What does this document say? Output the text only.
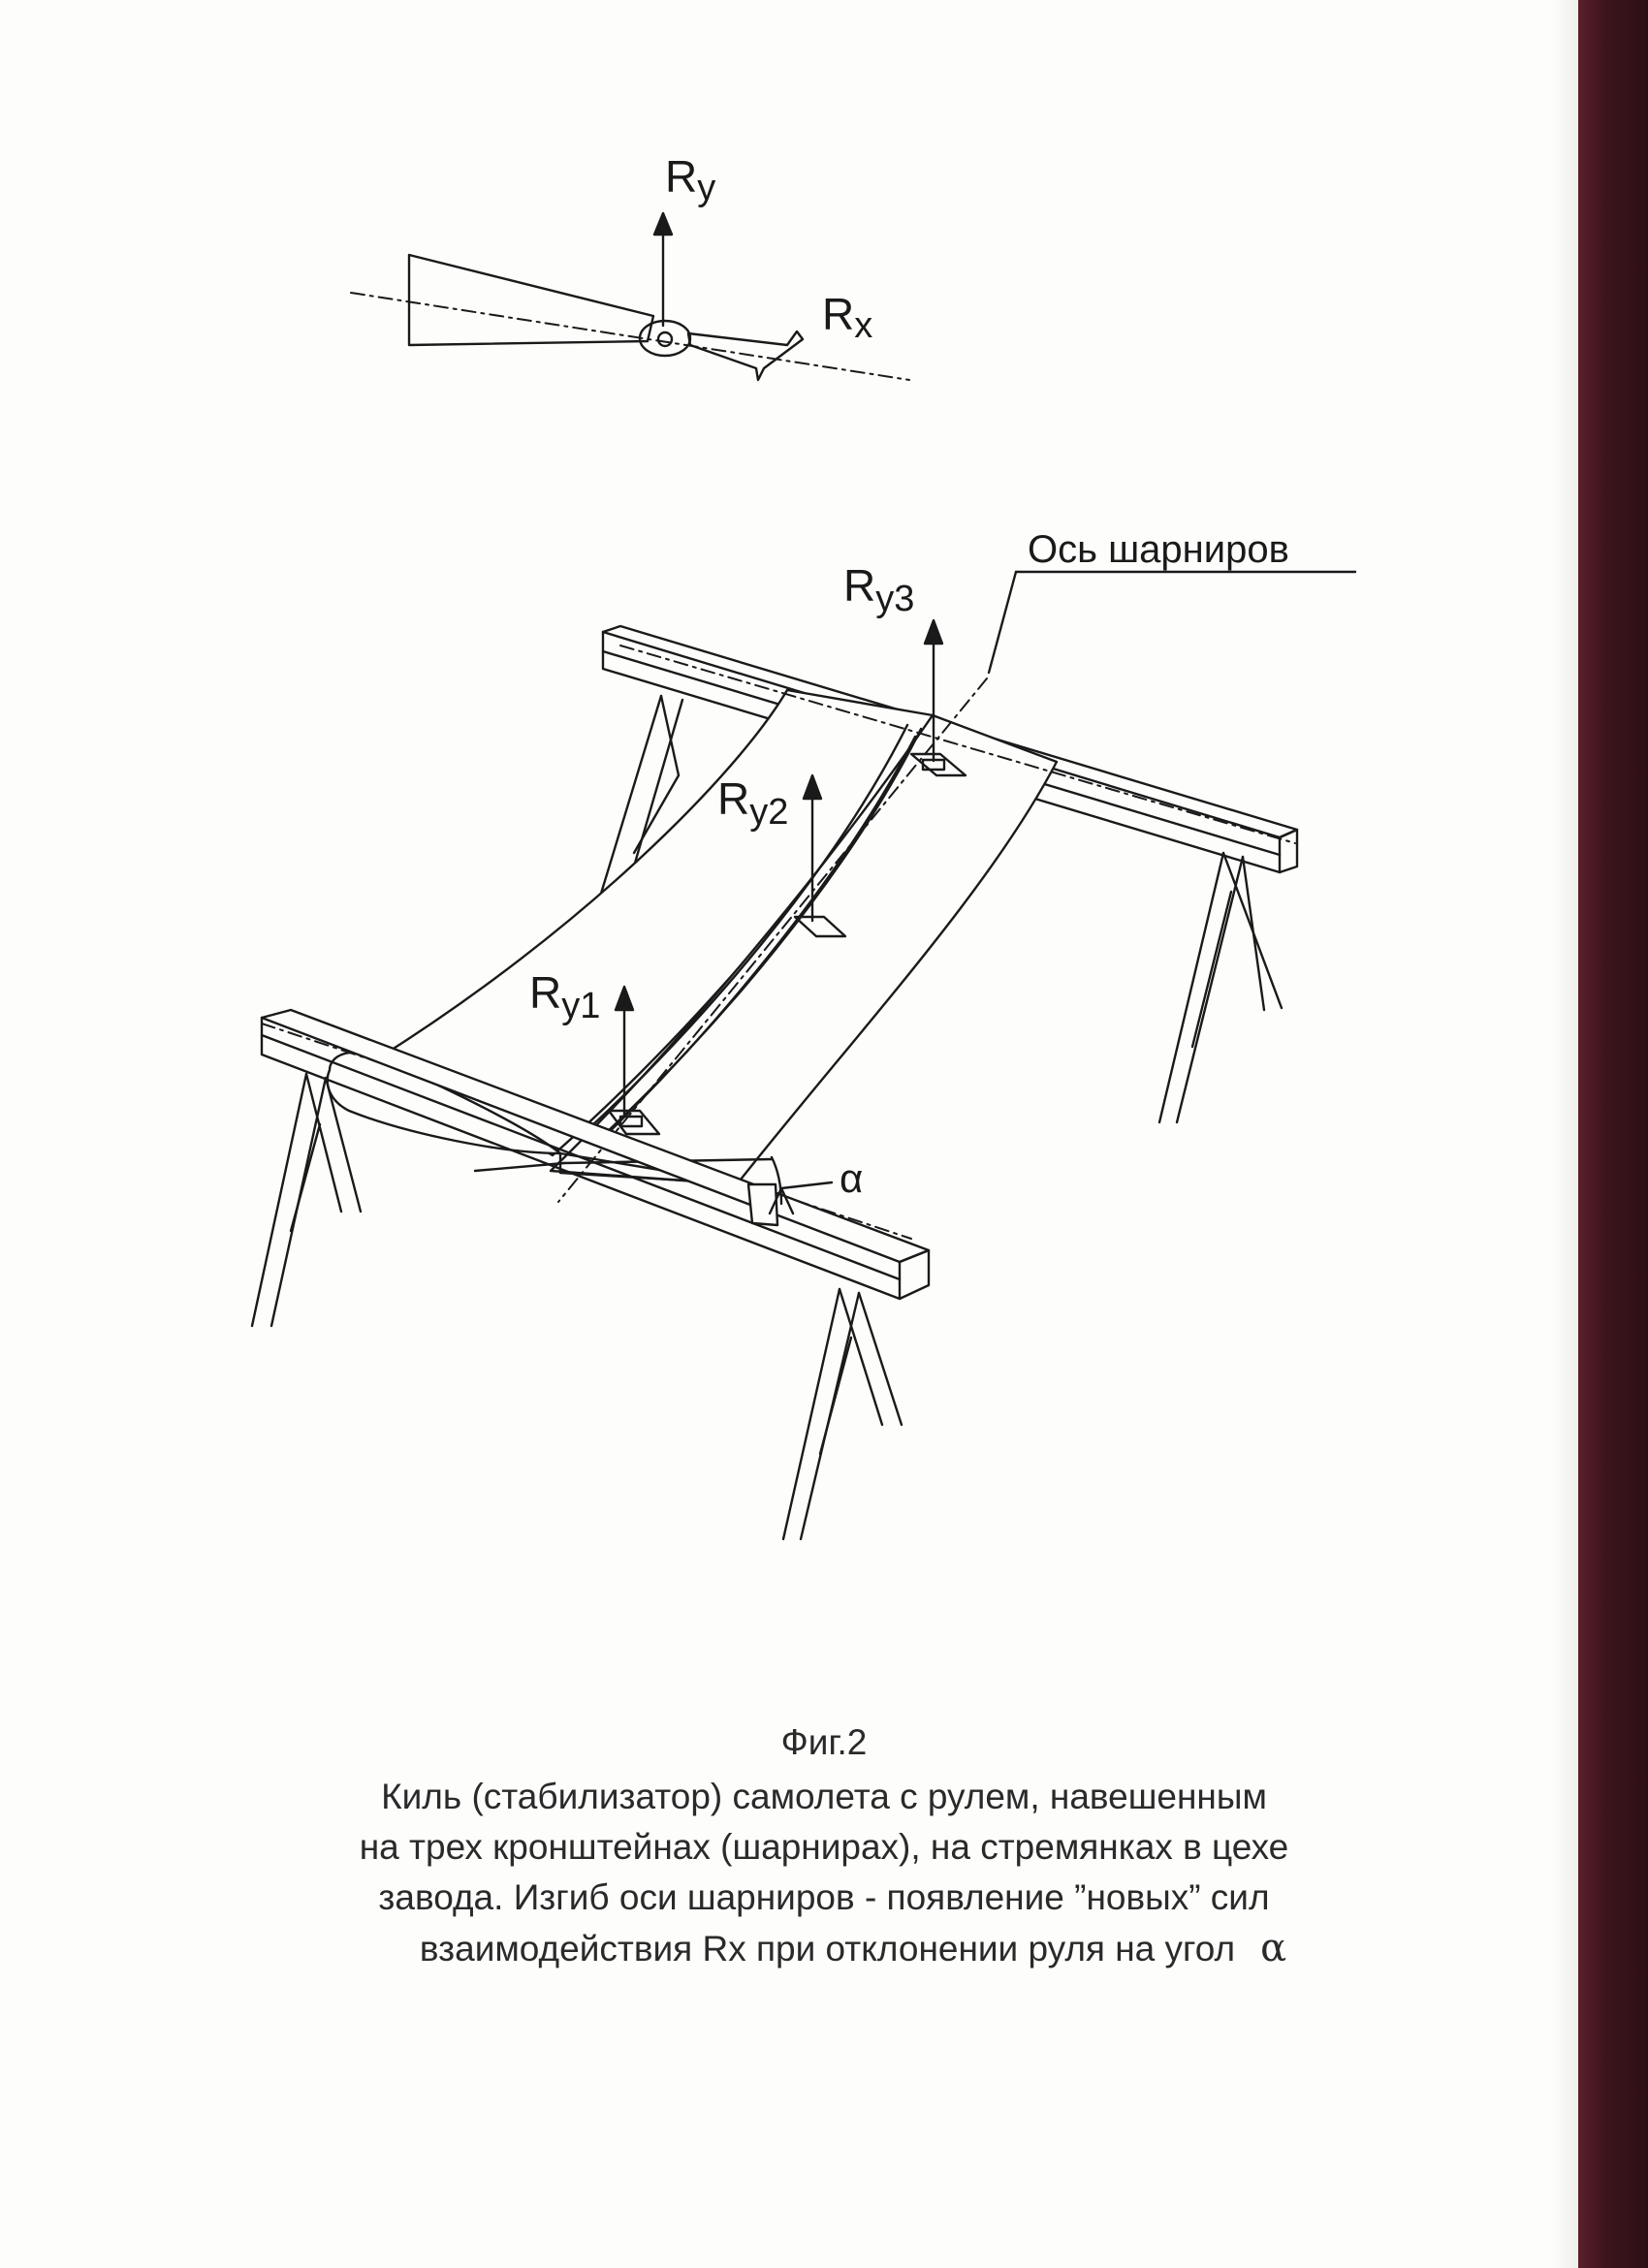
Ry
Rx
α
$R_{y3}$
$R_{y2}$
$R_{y1}$
Ось шарниров
Фиг.2
Киль (стабилизатор) самолета с рулем, навешенным
на трех кронштейнах (шарнирах), на стремянках в цехе
завода. Изгиб оси шарниров - появление ”новых” сил
взаимодействия Rx при отклонении руля на угол α
